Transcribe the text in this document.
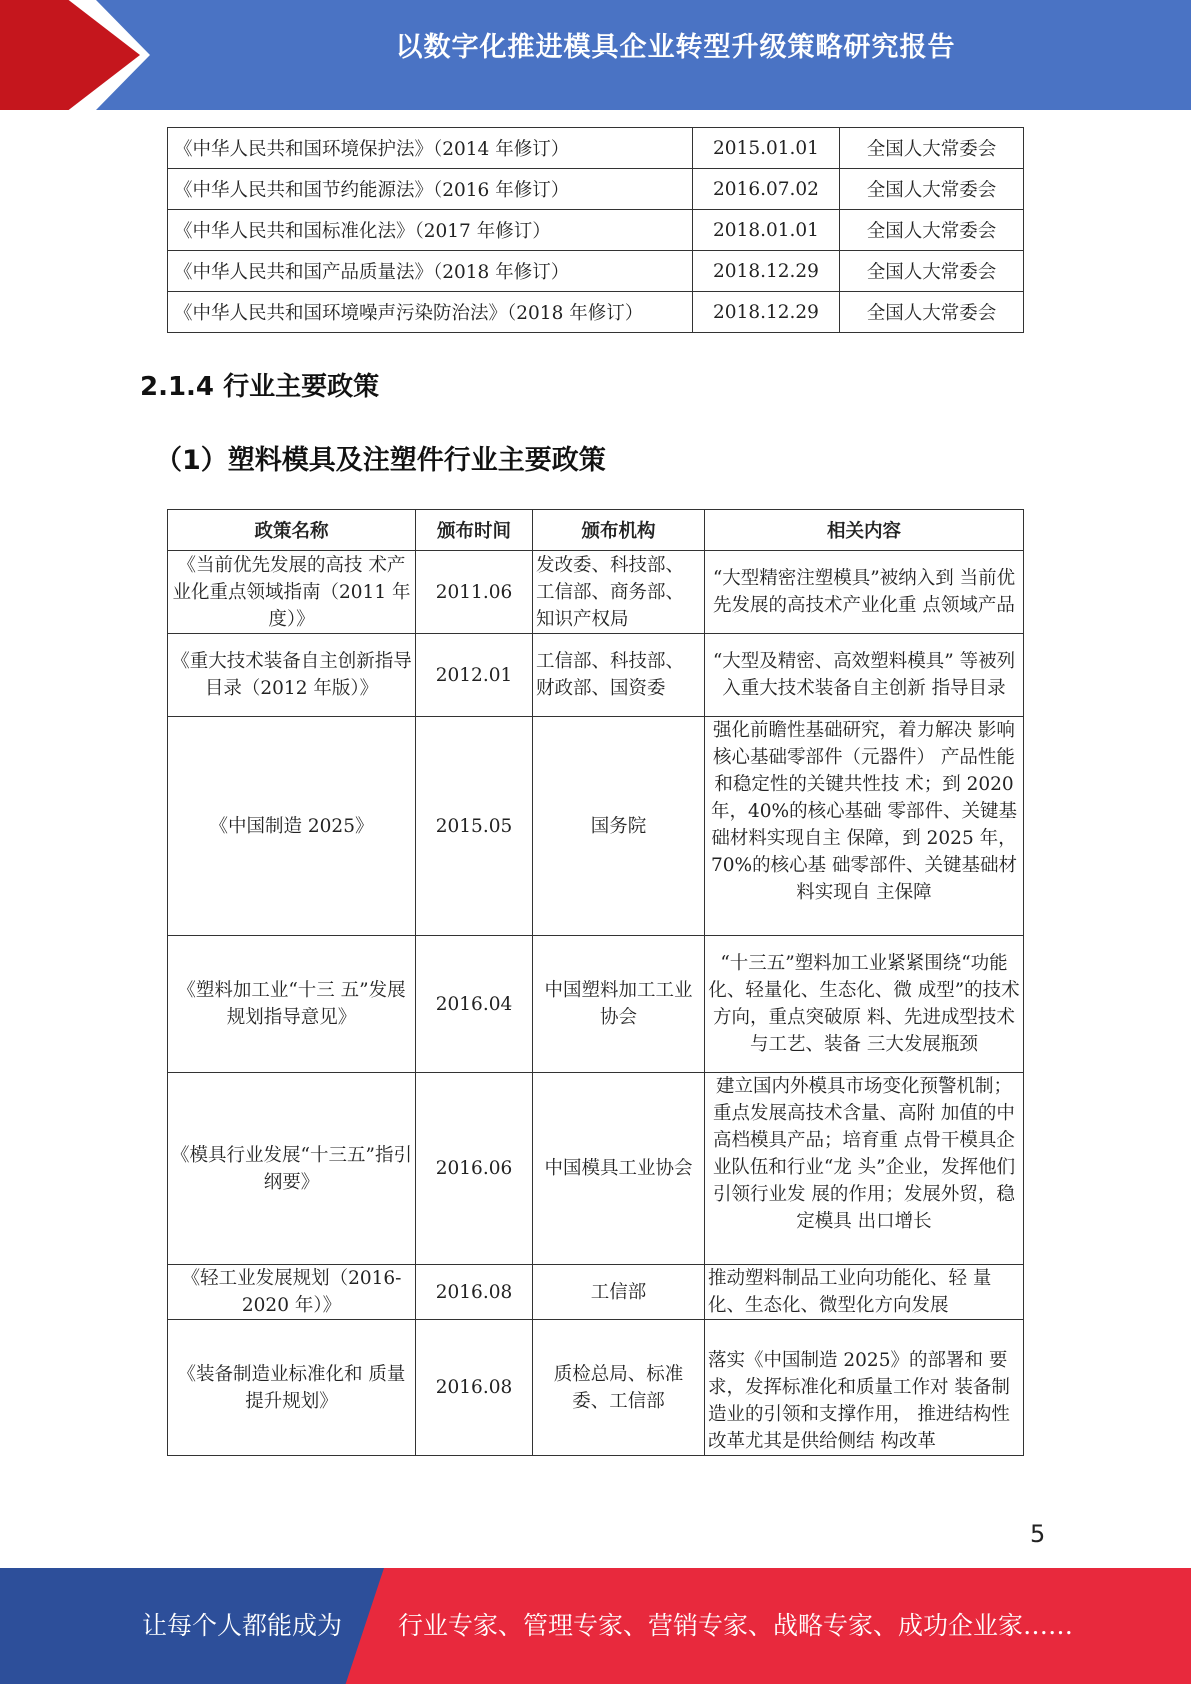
以数字化推进模具企业转型升级策略研究报告
《中华人民共和国环境保护法》（2014 年修订）	2015.01.01	全国人大常委会
《中华人民共和国节约能源法》（2016 年修订）	2016.07.02	全国人大常委会
《中华人民共和国标准化法》（2017 年修订）	2018.01.01	全国人大常委会
《中华人民共和国产品质量法》（2018 年修订）	2018.12.29	全国人大常委会
《中华人民共和国环境噪声污染防治法》（2018 年修订）	2018.12.29	全国人大常委会
2.1.4 行业主要政策
（1）塑料模具及注塑件行业主要政策
政策名称	颁布时间	颁布机构	相关内容
《当前优先发展的高技 术产业化重点领域指南（2011 年度）》	2011.06	发改委、科技部、工信部、商务部、知识产权局	“大型精密注塑模具”被纳入到 当前优先发展的高技术产业化重 点领域产品
《重大技术装备自主创新指导目录（2012 年版）》	2012.01	工信部、科技部、财政部、国资委	“大型及精密、高效塑料模具” 等被列入重大技术装备自主创新 指导目录
《中国制造 2025》	2015.05	国务院	强化前瞻性基础研究，着力解决 影响核心基础零部件（元器件） 产品性能和稳定性的关键共性技 术；到 2020 年，40%的核心基础 零部件、关键基础材料实现自主 保障，到 2025 年，70%的核心基 础零部件、关键基础材料实现自 主保障
《塑料加工业“十三 五”发展规划指导意见》	2016.04	中国塑料加工工业协会	“十三五”塑料加工业紧紧围绕“功能化、轻量化、生态化、微 成型”的技术方向，重点突破原 料、先进成型技术与工艺、装备 三大发展瓶颈
《模具行业发展“十三五”指引纲要》	2016.06	中国模具工业协会	建立国内外模具市场变化预警机制；重点发展高技术含量、高附 加值的中高档模具产品；培育重 点骨干模具企业队伍和行业“龙 头”企业，发挥他们引领行业发 展的作用；发展外贸，稳定模具 出口增长
《轻工业发展规划（2016-2020 年）》	2016.08	工信部	推动塑料制品工业向功能化、轻 量化、生态化、微型化方向发展
《装备制造业标准化和 质量提升规划》	2016.08	质检总局、标准委、工信部	落实《中国制造 2025》的部署和 要求，发挥标准化和质量工作对 装备制造业的引领和支撑作用， 推进结构性改革尤其是供给侧结 构改革
5
让每个人都能成为 行业专家、管理专家、营销专家、战略专家、成功企业家……
